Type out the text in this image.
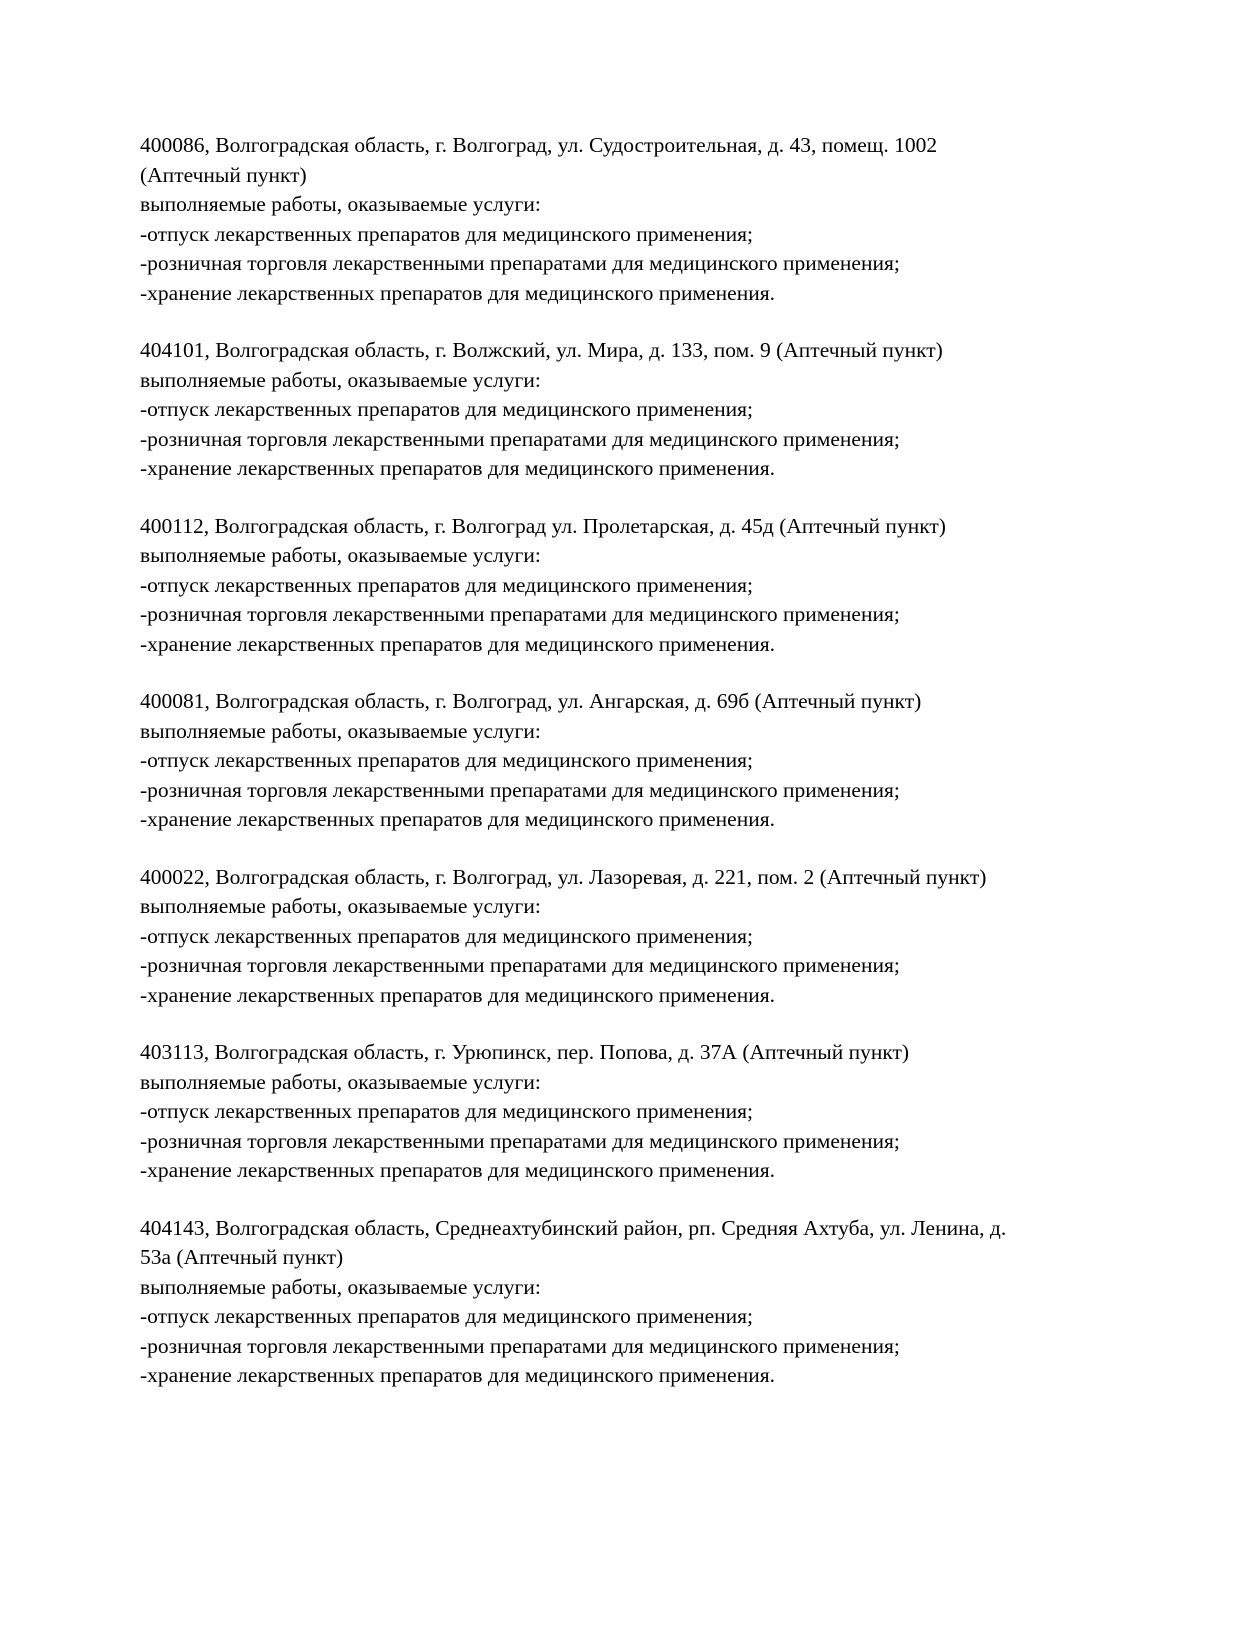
400086, Волгоградская область, г. Волгоград, ул. Судостроительная, д. 43, помещ. 1002
(Аптечный пункт)
выполняемые работы, оказываемые услуги:
-отпуск лекарственных препаратов для медицинского применения;
-розничная торговля лекарственными препаратами для медицинского применения;
-хранение лекарственных препаратов для медицинского применения.
404101, Волгоградская область, г. Волжский, ул. Мира, д. 133, пом. 9 (Аптечный пункт)
выполняемые работы, оказываемые услуги:
-отпуск лекарственных препаратов для медицинского применения;
-розничная торговля лекарственными препаратами для медицинского применения;
-хранение лекарственных препаратов для медицинского применения.
400112, Волгоградская область, г. Волгоград ул. Пролетарская, д. 45д (Аптечный пункт)
выполняемые работы, оказываемые услуги:
-отпуск лекарственных препаратов для медицинского применения;
-розничная торговля лекарственными препаратами для медицинского применения;
-хранение лекарственных препаратов для медицинского применения.
400081, Волгоградская область, г. Волгоград, ул. Ангарская, д. 69б (Аптечный пункт)
выполняемые работы, оказываемые услуги:
-отпуск лекарственных препаратов для медицинского применения;
-розничная торговля лекарственными препаратами для медицинского применения;
-хранение лекарственных препаратов для медицинского применения.
400022, Волгоградская область, г. Волгоград, ул. Лазоревая, д. 221, пом. 2 (Аптечный пункт)
выполняемые работы, оказываемые услуги:
-отпуск лекарственных препаратов для медицинского применения;
-розничная торговля лекарственными препаратами для медицинского применения;
-хранение лекарственных препаратов для медицинского применения.
403113, Волгоградская область, г. Урюпинск, пер. Попова, д. 37А (Аптечный пункт)
выполняемые работы, оказываемые услуги:
-отпуск лекарственных препаратов для медицинского применения;
-розничная торговля лекарственными препаратами для медицинского применения;
-хранение лекарственных препаратов для медицинского применения.
404143, Волгоградская область, Среднеахтубинский район, рп. Средняя Ахтуба, ул. Ленина, д.
53а (Аптечный пункт)
выполняемые работы, оказываемые услуги:
-отпуск лекарственных препаратов для медицинского применения;
-розничная торговля лекарственными препаратами для медицинского применения;
-хранение лекарственных препаратов для медицинского применения.
